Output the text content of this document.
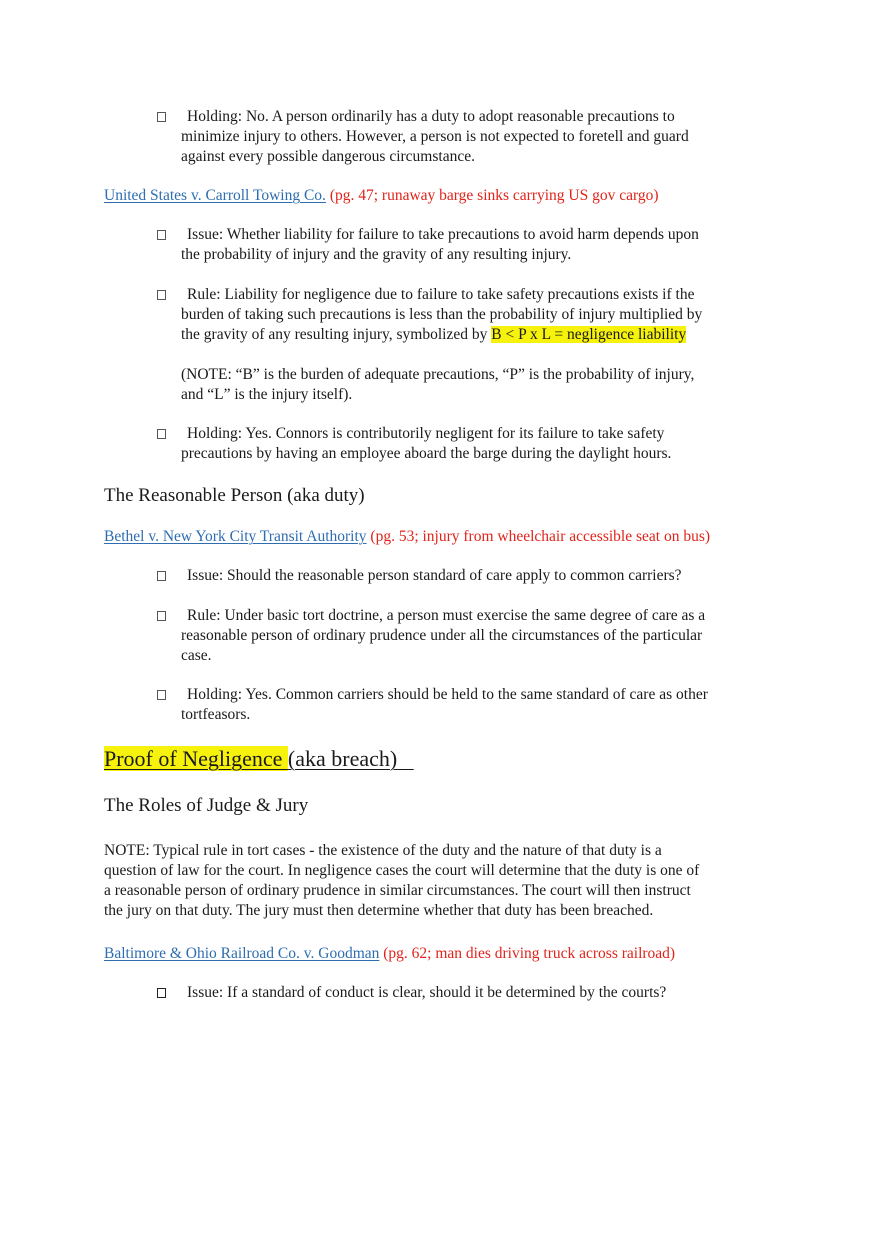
Holding: No. A person ordinarily has a duty to adopt reasonable precautions to
minimize injury to others. However, a person is not expected to foretell and guard
against every possible dangerous circumstance.
United States v. Carroll Towing Co. (pg. 47; runaway barge sinks carrying US gov cargo)
Issue: Whether liability for failure to take precautions to avoid harm depends upon
the probability of injury and the gravity of any resulting injury.
Rule: Liability for negligence due to failure to take safety precautions exists if the
burden of taking such precautions is less than the probability of injury multiplied by
the gravity of any resulting injury, symbolized by B < P x L = negligence liability
(NOTE: “B” is the burden of adequate precautions, “P” is the probability of injury,
and “L” is the injury itself).
Holding: Yes. Connors is contributorily negligent for its failure to take safety
precautions by having an employee aboard the barge during the daylight hours.
The Reasonable Person (aka duty)
Bethel v. New York City Transit Authority (pg. 53; injury from wheelchair accessible seat on bus)
Issue: Should the reasonable person standard of care apply to common carriers?
Rule: Under basic tort doctrine, a person must exercise the same degree of care as a
reasonable person of ordinary prudence under all the circumstances of the particular
case.
Holding: Yes. Common carriers should be held to the same standard of care as other
tortfeasors.
Proof of Negligence (aka breach)
The Roles of Judge & Jury
NOTE: Typical rule in tort cases - the existence of the duty and the nature of that duty is a
question of law for the court. In negligence cases the court will determine that the duty is one of
a reasonable person of ordinary prudence in similar circumstances. The court will then instruct
the jury on that duty. The jury must then determine whether that duty has been breached.
Baltimore & Ohio Railroad Co. v. Goodman (pg. 62; man dies driving truck across railroad)
Issue: If a standard of conduct is clear, should it be determined by the courts?
